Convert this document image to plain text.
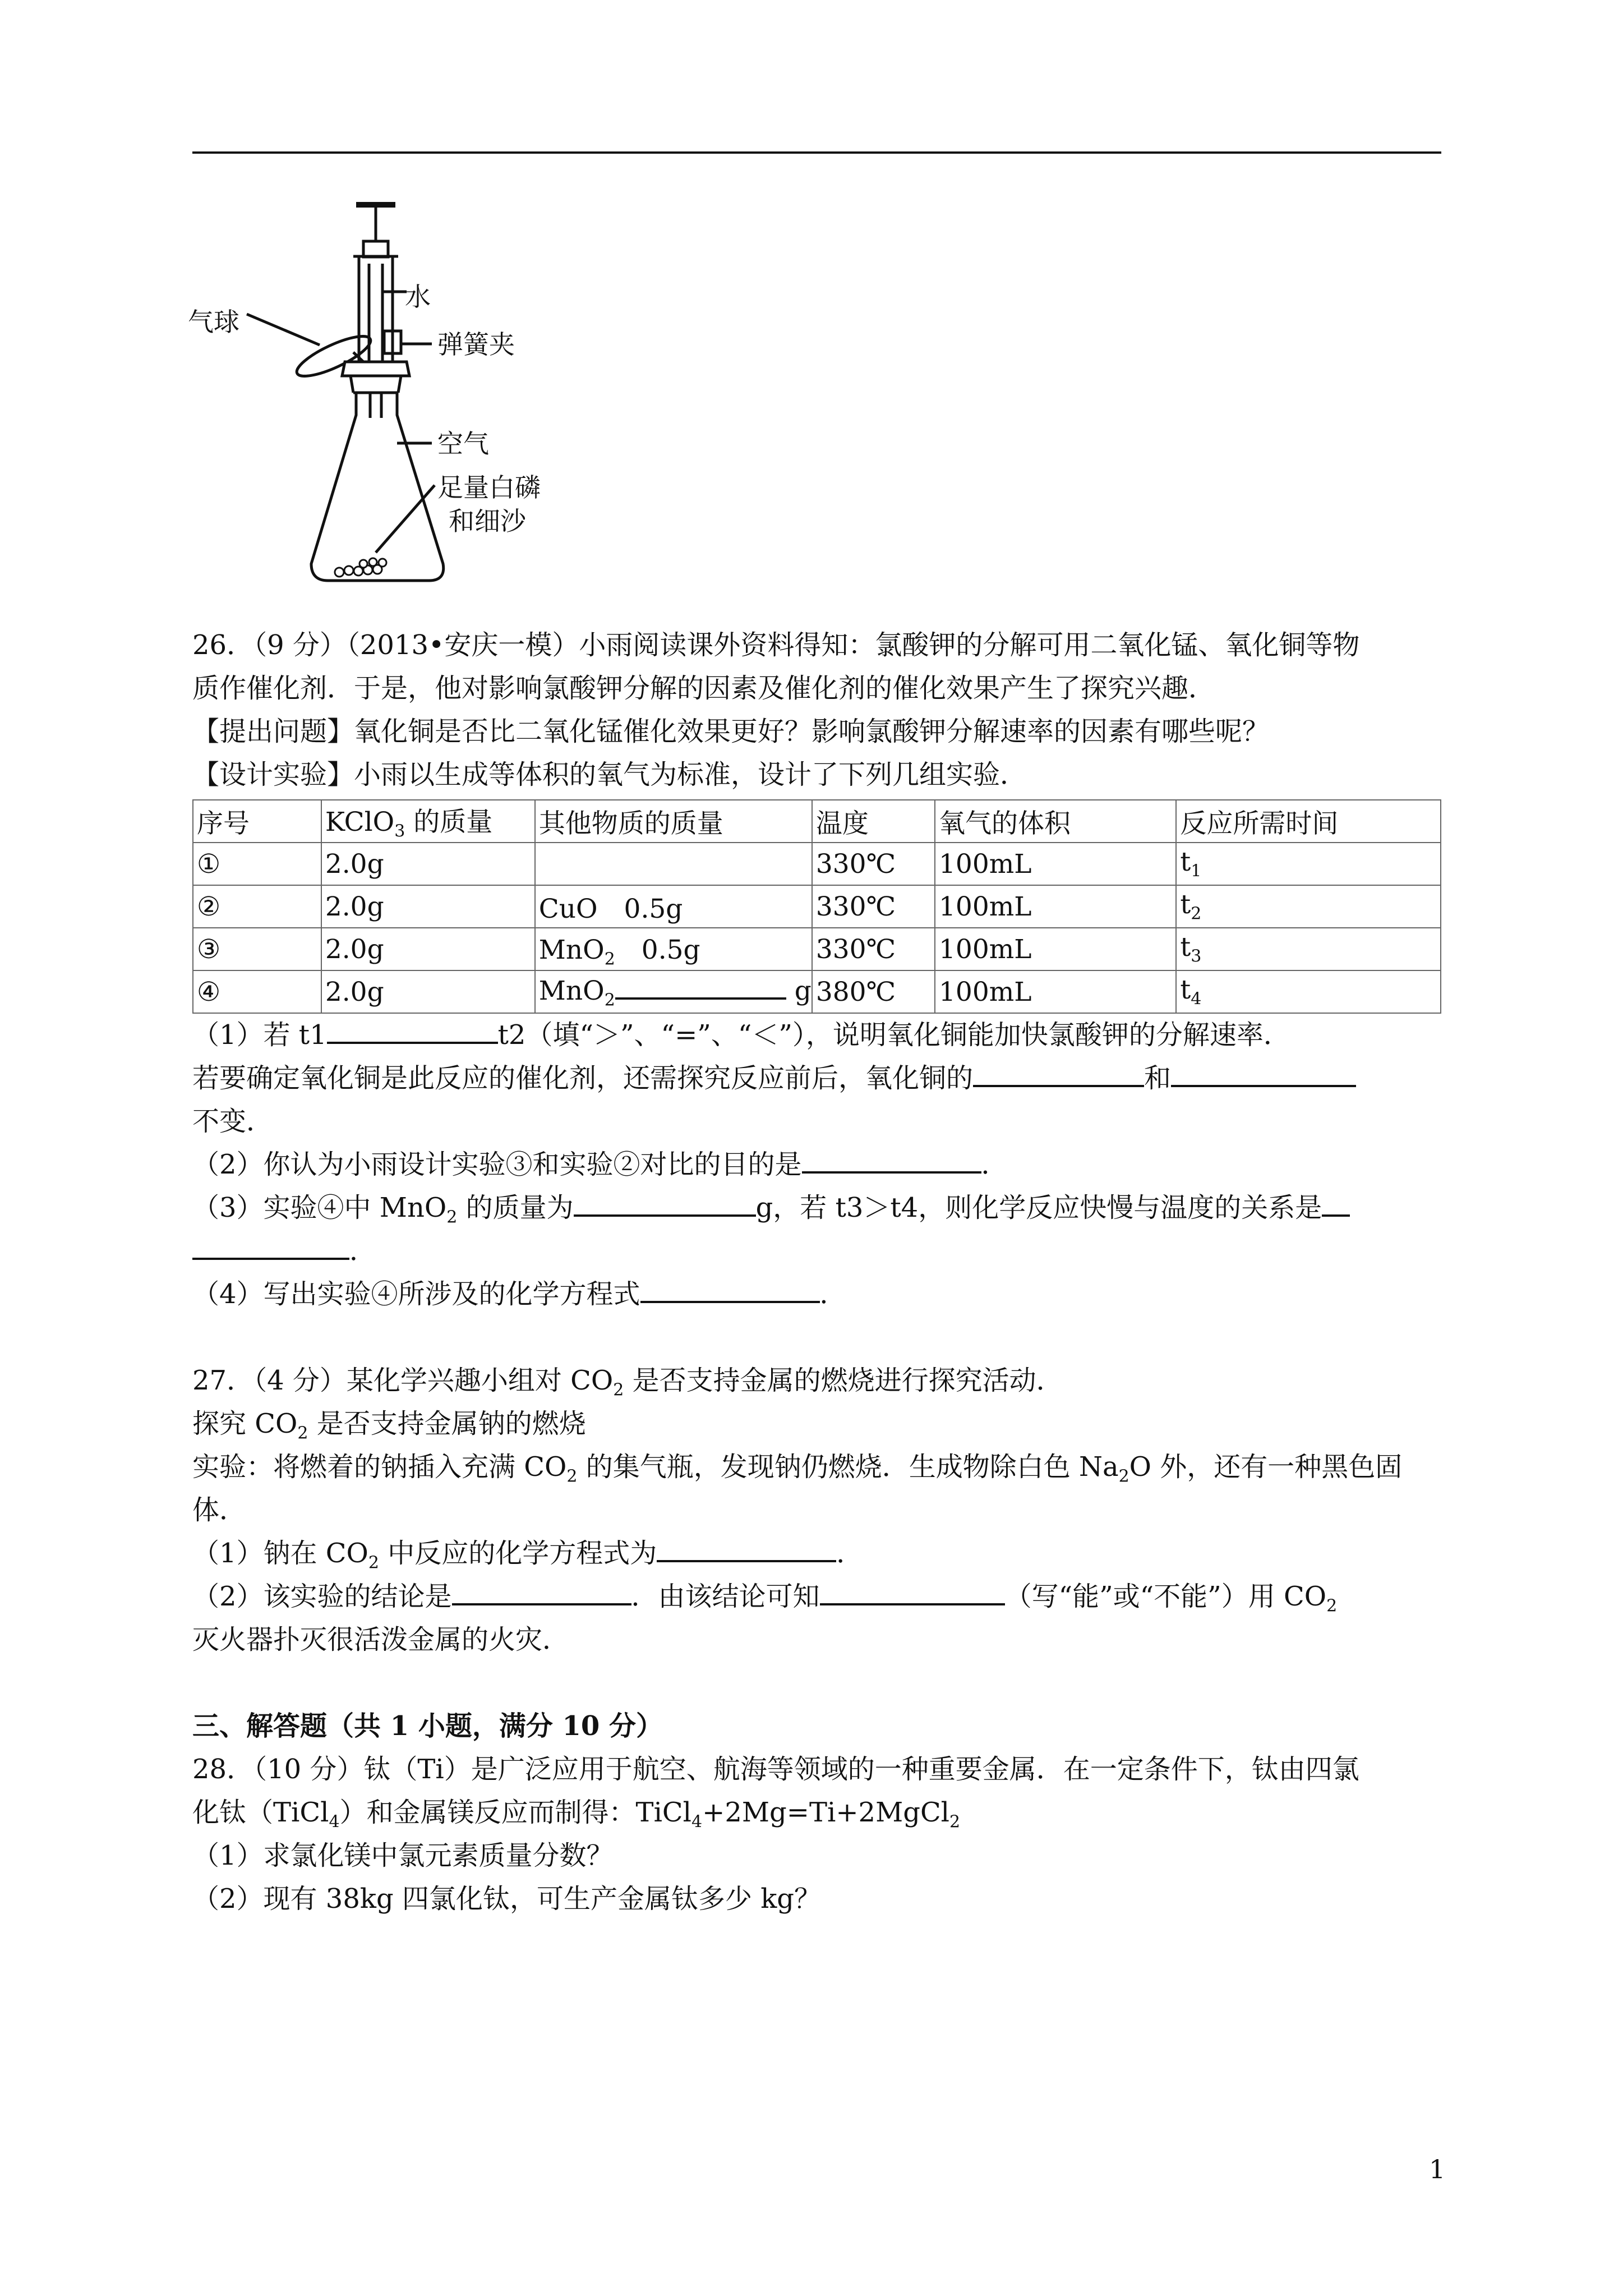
气球
水
弹簧夹
空气
足量白磷
和细沙
26．（9 分）（2013•安庆一模）小雨阅读课外资料得知：氯酸钾的分解可用二氧化锰、氧化铜等物
质作催化剂．于是，他对影响氯酸钾分解的因素及催化剂的催化效果产生了探究兴趣．
【提出问题】氧化铜是否比二氧化锰催化效果更好？影响氯酸钾分解速率的因素有哪些呢？
【设计实验】小雨以生成等体积的氧气为标准，设计了下列几组实验．
序号	KClO$_3$ 的质量	其他物质的质量	温度	氧气的体积	反应所需时间
①	2.0g		330℃	100mL	$t_1$
②	2.0g	CuO　0.5g	330℃	100mL	$t_2$
③	2.0g	MnO$_2$　0.5g	330℃	100mL	$t_3$
④	2.0g	MnO$_2$ g	380℃	100mL	$t_4$
（1）若 t1	t2（填“＞”、“=”、“＜”），说明氧化铜能加快氯酸钾的分解速率．
若要确定氧化铜是此反应的催化剂，还需探究反应前后，氧化铜的	和
不变．
（2）你认为小雨设计实验③和实验②对比的目的是	．
（3）实验④中 MnO$_2$ 的质量为	g，若 t3＞t4，则化学反应快慢与温度的关系是
．
（4）写出实验④所涉及的化学方程式	．
27．（4 分）某化学兴趣小组对 $CO_2$ 是否支持金属的燃烧进行探究活动．
探究 $CO_2$ 是否支持金属钠的燃烧
实验：将燃着的钠插入充满 $CO_2$ 的集气瓶，发现钠仍燃烧．生成物除白色 $Na_2O$ 外，还有一种黑色固
体．
（1）钠在 $CO_2$ 中反应的化学方程式为	．
（2）该实验的结论是	．由该结论可知	（写“能”或“不能”）用 $CO_2$
灭火器扑灭很活泼金属的火灾．
三、解答题（共 1 小题，满分 10 分）
28．（10 分）钛（Ti）是广泛应用于航空、航海等领域的一种重要金属．在一定条件下，钛由四氯
化钛（TiCl$_4$）和金属镁反应而制得：TiCl$_4$+2Mg=Ti+2MgCl$_2$
（1）求氯化镁中氯元素质量分数？
（2）现有 38kg 四氯化钛，可生产金属钛多少 kg？
1
